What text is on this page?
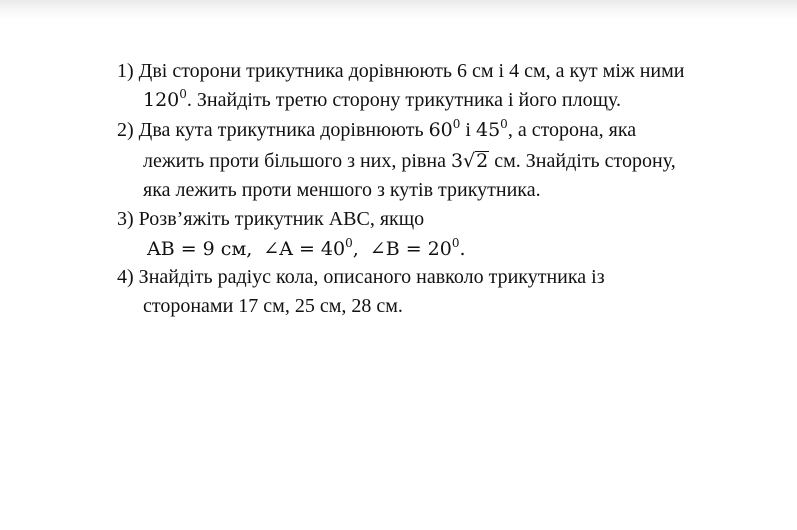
1) Дві сторони трикутника дорівнюють 6 см і 4 см, а кут між ними
$120^0$. Знайдіть третю сторону трикутника і його площу.
2) Два кута трикутника дорівнюють $60^0$ і $45^0$, а сторона, яка
лежить проти більшого з них, рівна 3√2 см. Знайдіть сторону,
яка лежить проти меншого з кутів трикутника.
3) Розв’яжіть трикутник ABC, якщо
AB = 9 см, ∠A = $40^0$, ∠B = $20^0$.
4) Знайдіть радіус кола, описаного навколо трикутника із
сторонами 17 см, 25 см, 28 см.
